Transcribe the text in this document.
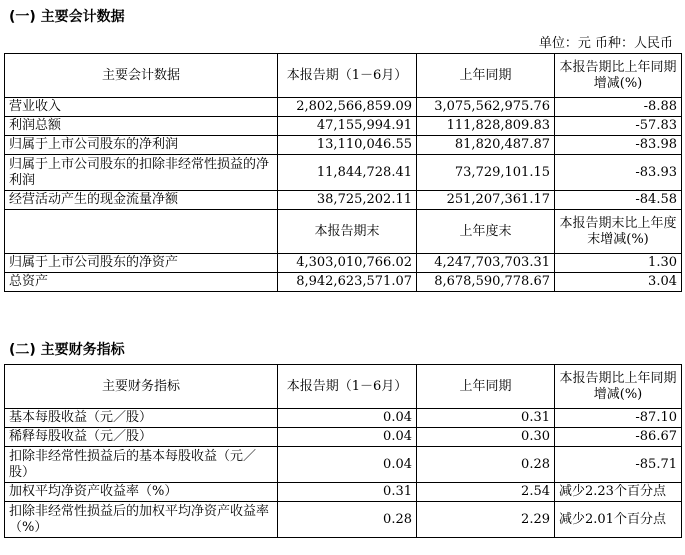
(一) 主要会计数据
单位：元 币种：人民币
主要会计数据	本报告期（1－6月）	上年同期	本报告期比上年同期增减(%)
营业收入	2,802,566,859.09	3,075,562,975.76	-8.88
利润总额	47,155,994.91	111,828,809.83	-57.83
归属于上市公司股东的净利润	13,110,046.55	81,820,487.87	-83.98
归属于上市公司股东的扣除非经常性损益的净利润	11,844,728.41	73,729,101.15	-83.93
经营活动产生的现金流量净额	38,725,202.11	251,207,361.17	-84.58
	本报告期末	上年度末	本报告期末比上年度末增减(%)
归属于上市公司股东的净资产	4,303,010,766.02	4,247,703,703.31	1.30
总资产	8,942,623,571.07	8,678,590,778.67	3.04
(二) 主要财务指标
主要财务指标	本报告期（1－6月）	上年同期	本报告期比上年同期增减(%)
基本每股收益（元／股）	0.04	0.31	-87.10
稀释每股收益（元／股）	0.04	0.30	-86.67
扣除非经常性损益后的基本每股收益（元／股）	0.04	0.28	-85.71
加权平均净资产收益率（%）	0.31	2.54	减少2.23个百分点
扣除非经常性损益后的加权平均净资产收益率（%）	0.28	2.29	减少2.01个百分点
